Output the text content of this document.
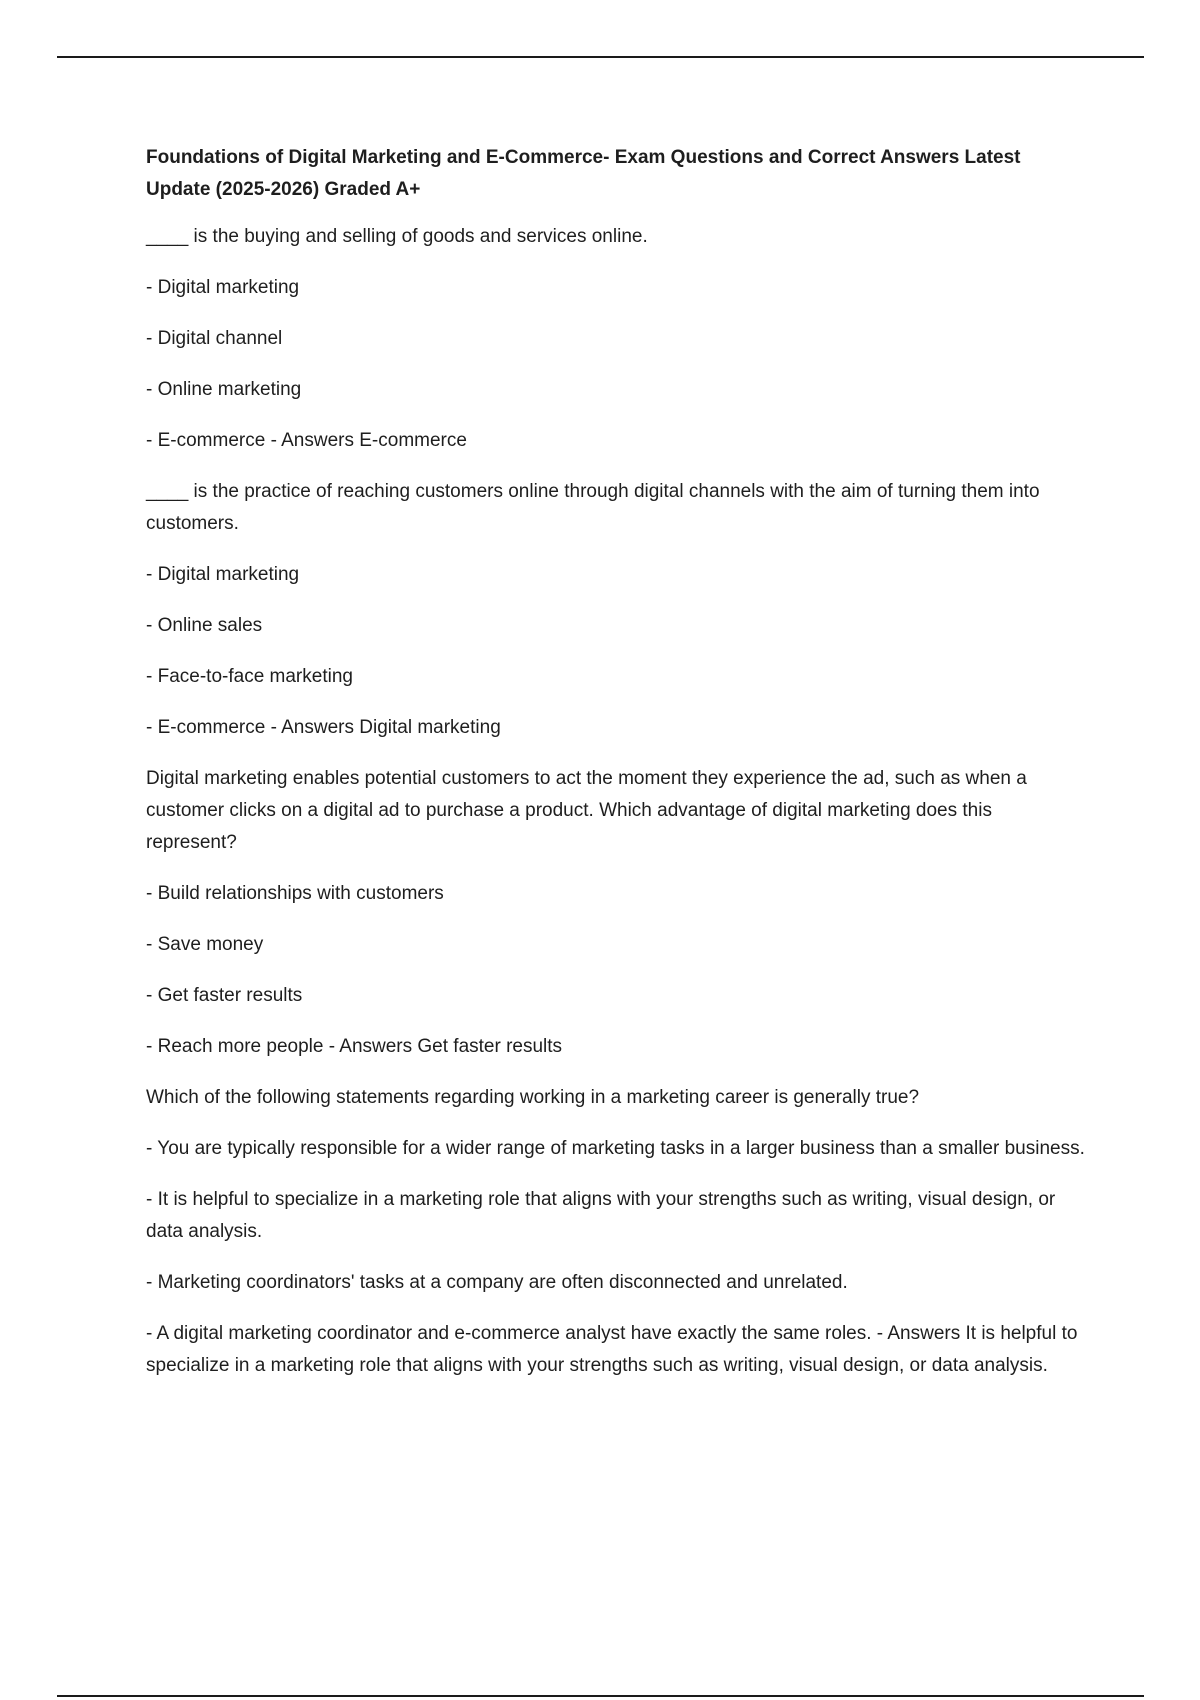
Foundations of Digital Marketing and E-Commerce- Exam Questions and Correct Answers Latest Update (2025-2026) Graded A+
____ is the buying and selling of goods and services online.
- Digital marketing
- Digital channel
- Online marketing
- E-commerce - Answers E-commerce
____ is the practice of reaching customers online through digital channels with the aim of turning them into customers.
- Digital marketing
- Online sales
- Face-to-face marketing
- E-commerce - Answers Digital marketing
Digital marketing enables potential customers to act the moment they experience the ad, such as when a customer clicks on a digital ad to purchase a product. Which advantage of digital marketing does this represent?
- Build relationships with customers
- Save money
- Get faster results
- Reach more people - Answers Get faster results
Which of the following statements regarding working in a marketing career is generally true?
- You are typically responsible for a wider range of marketing tasks in a larger business than a smaller business.
- It is helpful to specialize in a marketing role that aligns with your strengths such as writing, visual design, or data analysis.
- Marketing coordinators' tasks at a company are often disconnected and unrelated.
- A digital marketing coordinator and e-commerce analyst have exactly the same roles. - Answers It is helpful to specialize in a marketing role that aligns with your strengths such as writing, visual design, or data analysis.
